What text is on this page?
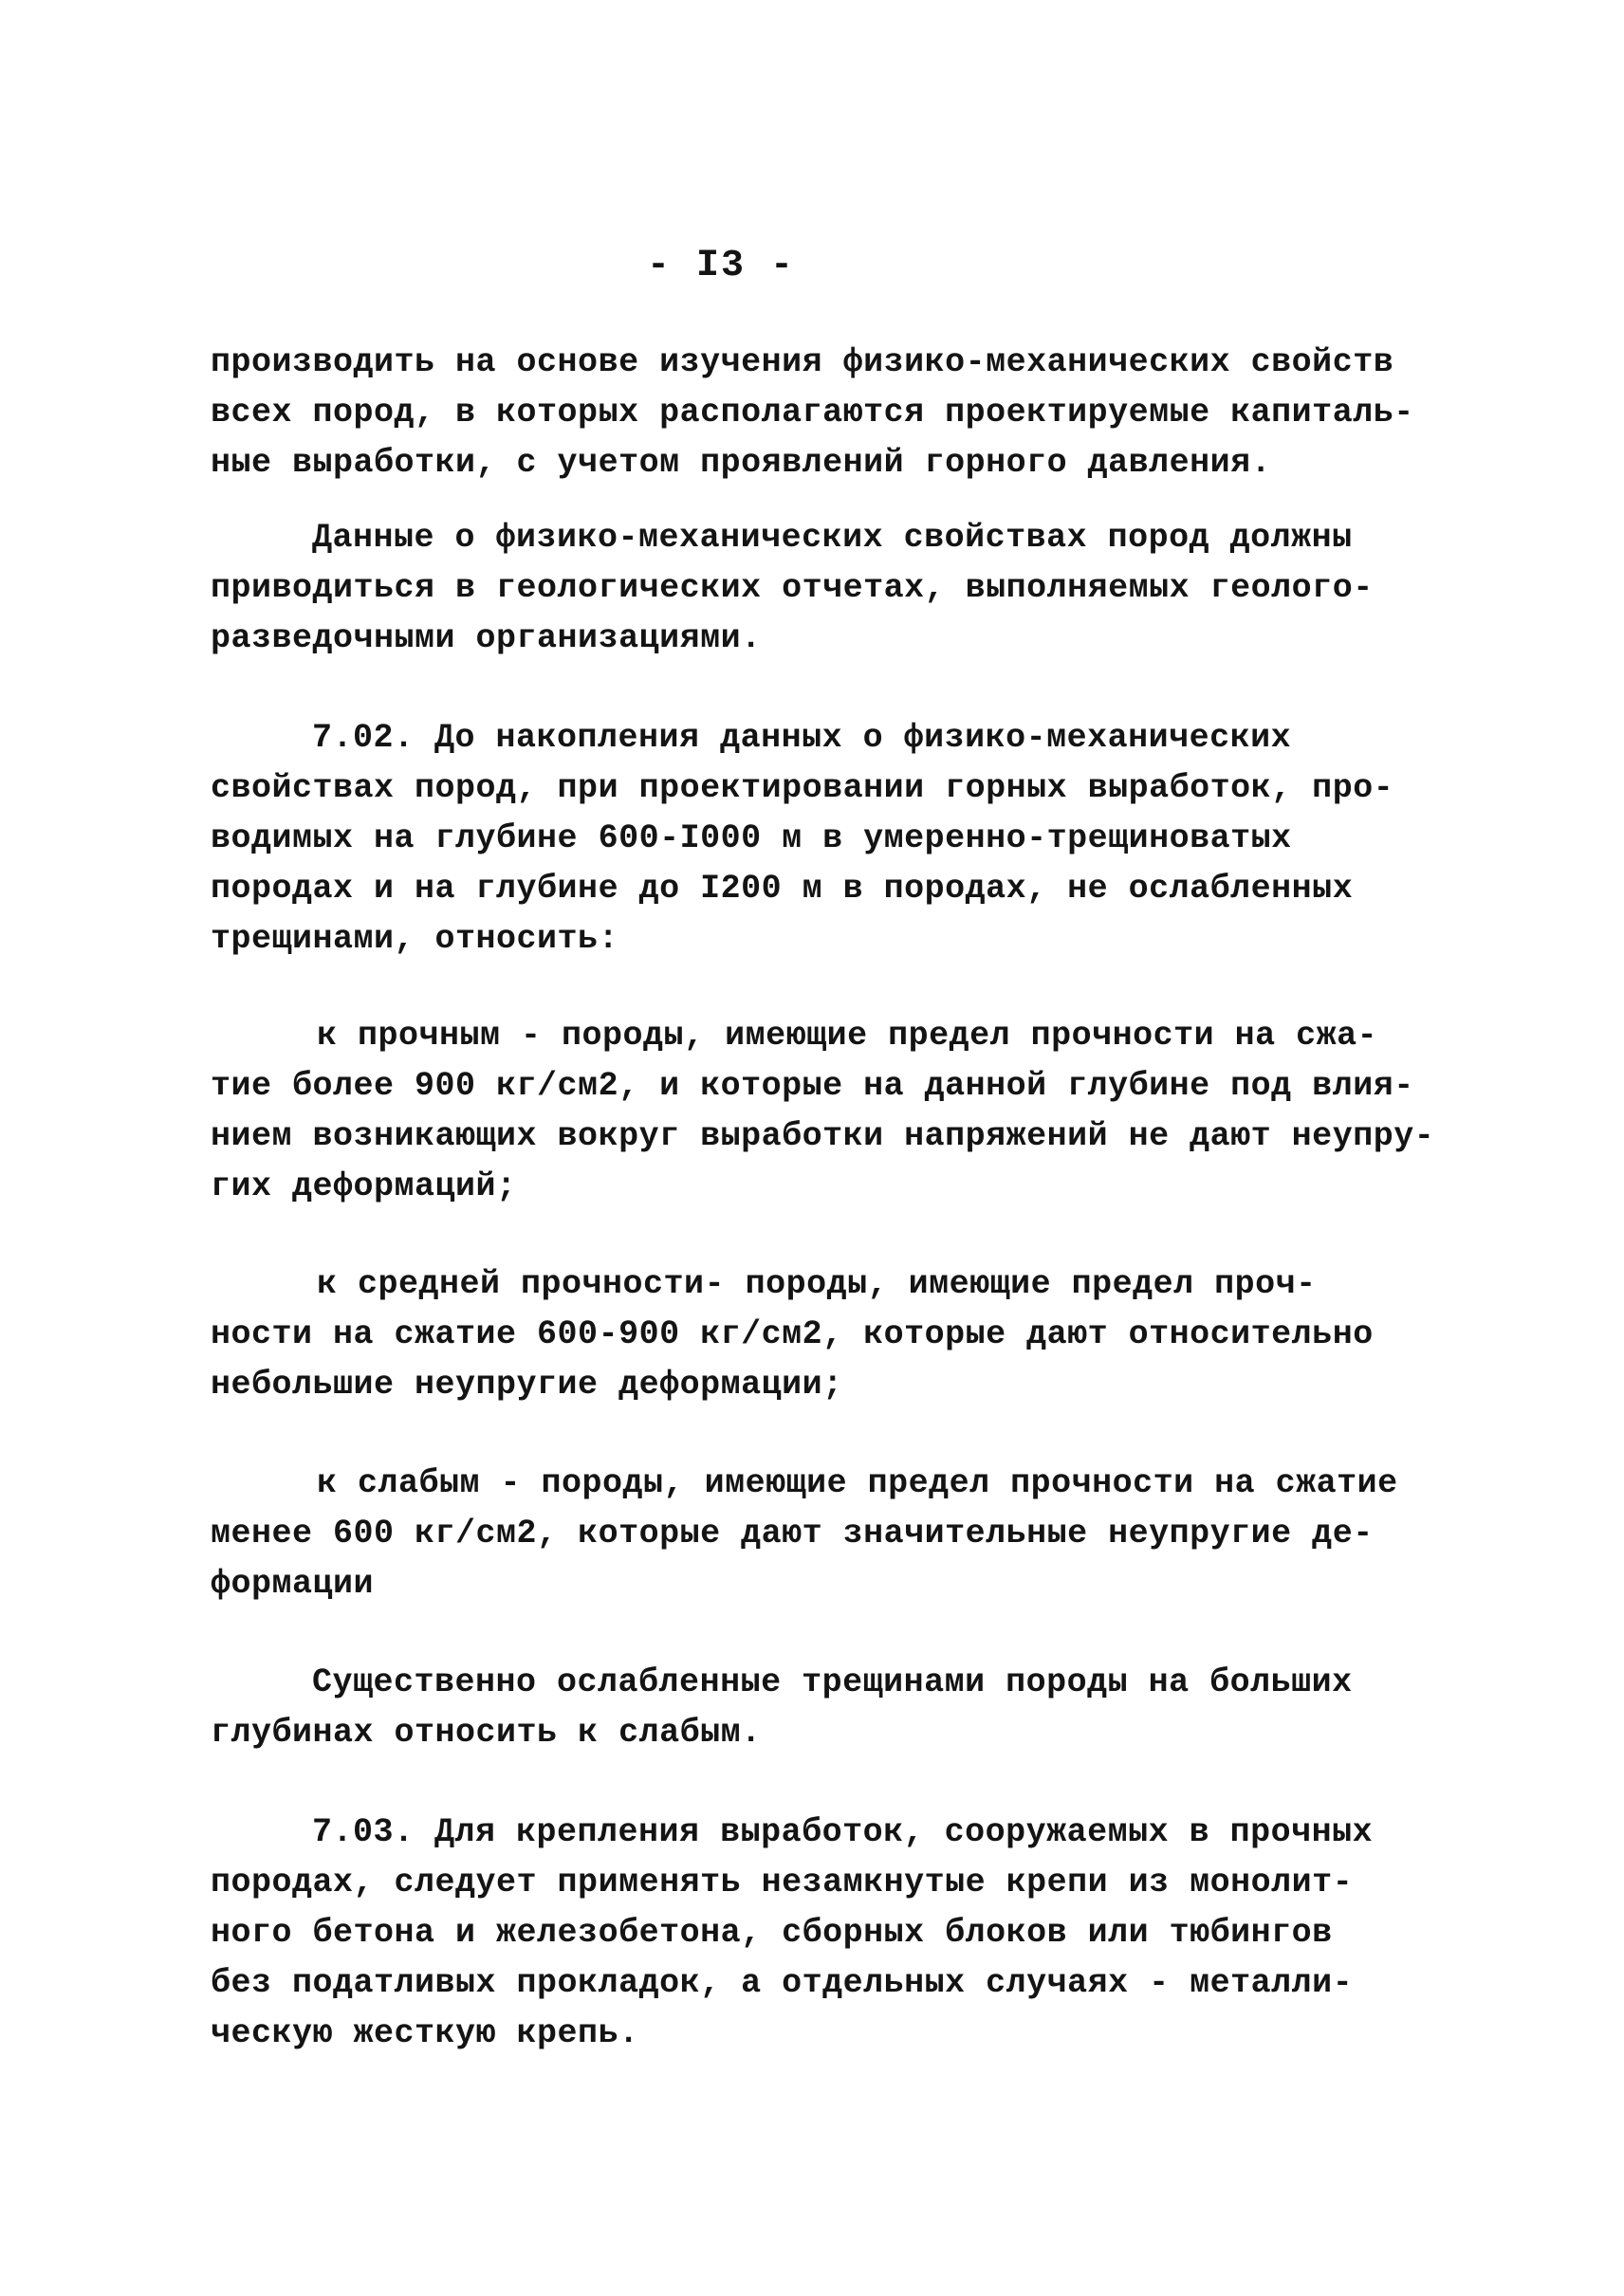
- I3 -
производить на основе изучения физико-механических свойств
всех пород, в которых располагаются проектируемые капиталь-
ные выработки, с учетом проявлений горного давления.
Данные о физико-механических свойствах пород должны
приводиться в геологических отчетах, выполняемых геолого-
разведочными организациями.
7.02. До накопления данных о физико-механических
свойствах пород, при проектировании горных выработок, про-
водимых на глубине 600-I000 м в умеренно-трещиноватых
породах и на глубине до I200 м в породах, не ослабленных
трещинами, относить:
к прочным - породы, имеющие предел прочности на сжа-
тие более 900 кг/см2, и которые на данной глубине под влия-
нием возникающих вокруг выработки напряжений не дают неупру-
гих деформаций;
к средней прочности- породы, имеющие предел проч-
ности на сжатие 600-900 кг/см2, которые дают относительно
небольшие неупругие деформации;
к слабым - породы, имеющие предел прочности на сжатие
менее 600 кг/см2, которые дают значительные неупругие де-
формации
Существенно ослабленные трещинами породы на больших
глубинах относить к слабым.
7.03. Для крепления выработок, сооружаемых в прочных
породах, следует применять незамкнутые крепи из монолит-
ного бетона и железобетона, сборных блоков или тюбингов
без податливых прокладок, а отдельных случаях - металли-
ческую жесткую крепь.
